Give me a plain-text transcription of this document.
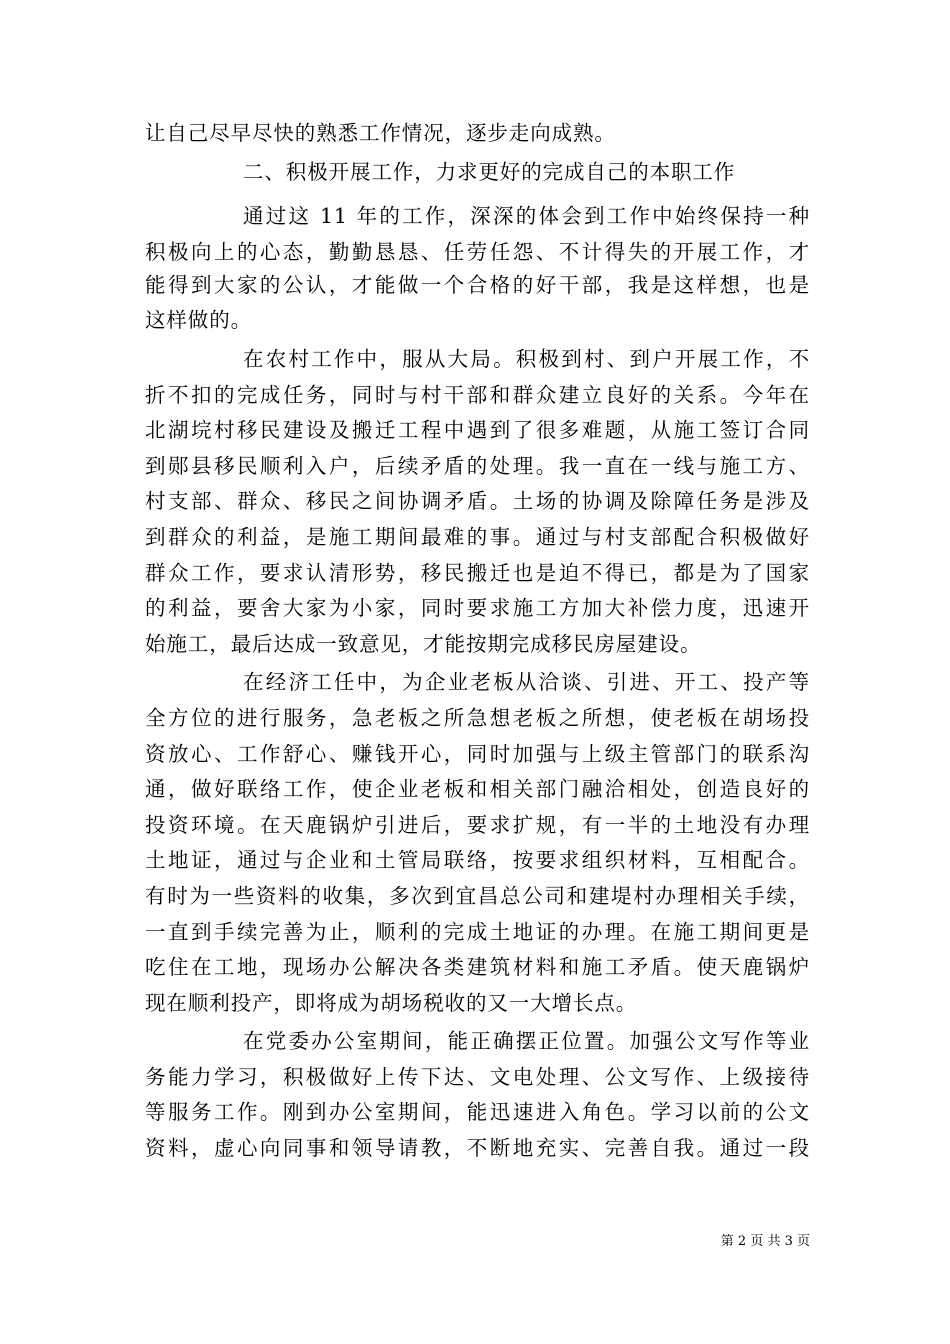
让自己尽早尽快的熟悉工作情况，逐步走向成熟。
二、积极开展工作，力求更好的完成自己的本职工作
通过这 11 年的工作，深深的体会到工作中始终保持一种
积极向上的心态，勤勤恳恳、任劳任怨、不计得失的开展工作，才
能得到大家的公认，才能做一个合格的好干部，我是这样想，也是
这样做的。
在农村工作中，服从大局。积极到村、到户开展工作，不
折不扣的完成任务，同时与村干部和群众建立良好的关系。今年在
北湖垸村移民建设及搬迁工程中遇到了很多难题，从施工签订合同
到郧县移民顺利入户，后续矛盾的处理。我一直在一线与施工方、
村支部、群众、移民之间协调矛盾。土场的协调及除障任务是涉及
到群众的利益，是施工期间最难的事。通过与村支部配合积极做好
群众工作，要求认清形势，移民搬迁也是迫不得已，都是为了国家
的利益，要舍大家为小家，同时要求施工方加大补偿力度，迅速开
始施工，最后达成一致意见，才能按期完成移民房屋建设。
在经济工任中，为企业老板从洽谈、引进、开工、投产等
全方位的进行服务，急老板之所急想老板之所想，使老板在胡场投
资放心、工作舒心、赚钱开心，同时加强与上级主管部门的联系沟
通，做好联络工作，使企业老板和相关部门融洽相处，创造良好的
投资环境。在天鹿锅炉引进后，要求扩规，有一半的土地没有办理
土地证，通过与企业和土管局联络，按要求组织材料，互相配合。
有时为一些资料的收集，多次到宜昌总公司和建堤村办理相关手续，
一直到手续完善为止，顺利的完成土地证的办理。在施工期间更是
吃住在工地，现场办公解决各类建筑材料和施工矛盾。使天鹿锅炉
现在顺利投产，即将成为胡场税收的又一大增长点。
在党委办公室期间，能正确摆正位置。加强公文写作等业
务能力学习，积极做好上传下达、文电处理、公文写作、上级接待
等服务工作。刚到办公室期间，能迅速进入角色。学习以前的公文
资料，虚心向同事和领导请教，不断地充实、完善自我。通过一段
第 2 页 共 3 页
